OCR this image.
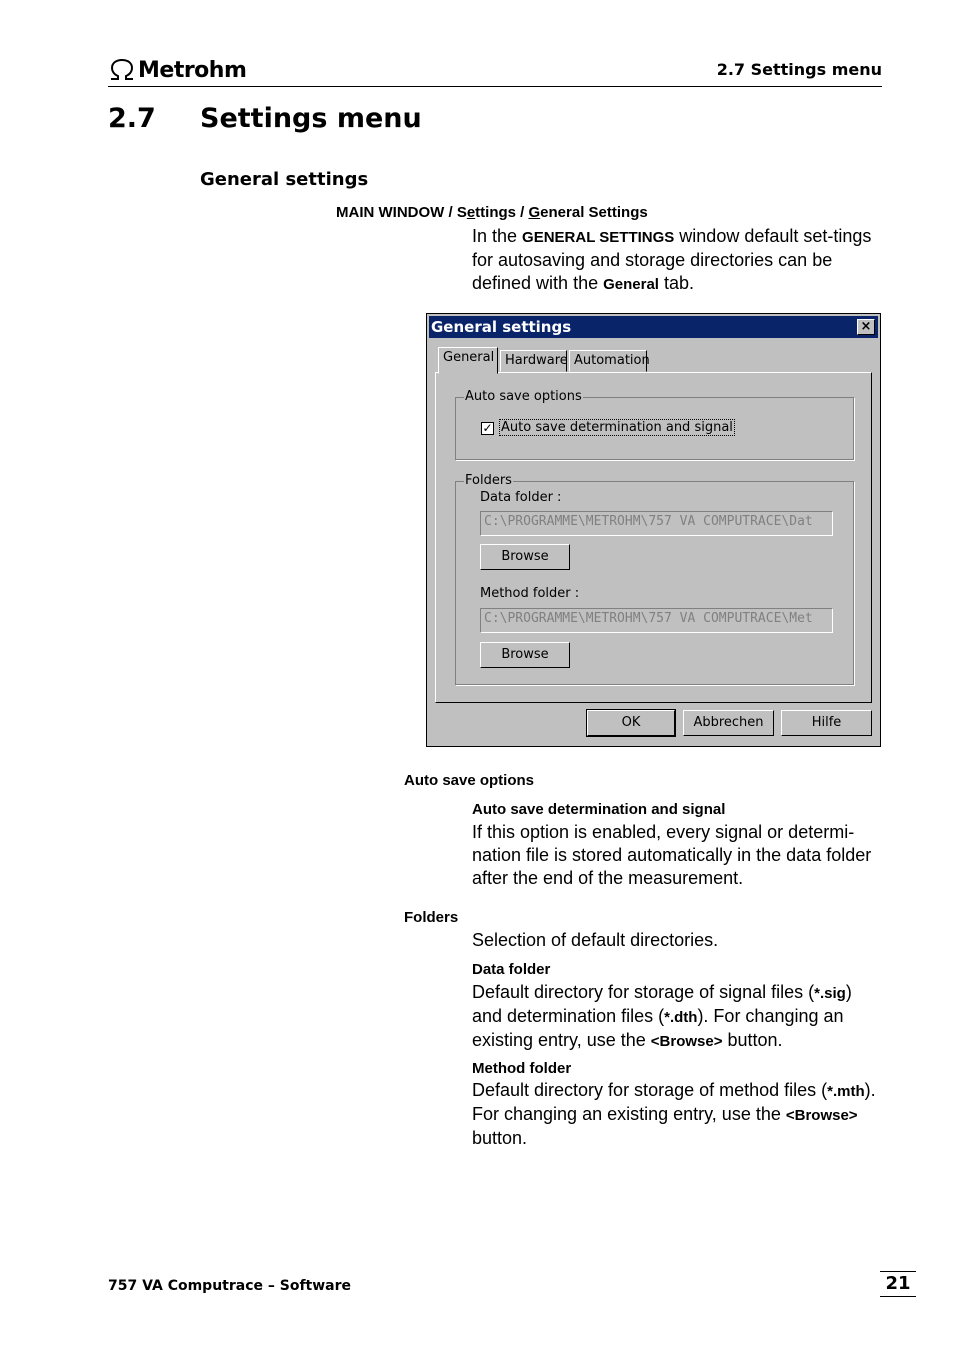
Metrohm	2.7 Settings menu
2.7 Settings menu
General settings
MAIN WINDOW / Settings / General Settings
In the GENERAL SETTINGS window default set-tings for autosaving and storage directories can be defined with the General tab.
General settings	×
General Hardware Automation
Auto save options
✓ Auto save determination and signal
Folders
Data folder :
C:\PROGRAMME\METROHM\757 VA COMPUTRACE\Dat
Browse
Method folder :
C:\PROGRAMME\METROHM\757 VA COMPUTRACE\Met
Browse
OK	Abbrechen	Hilfe
Auto save options
Auto save determination and signal
If this option is enabled, every signal or determi-nation file is stored automatically in the data folder after the end of the measurement.
Folders
Selection of default directories.
Data folder
Default directory for storage of signal files (*.sig) and determination files (*.dth). For changing an existing entry, use the <Browse> button.
Method folder
Default directory for storage of method files (*.mth). For changing an existing entry, use the <Browse> button.
757 VA Computrace – Software	21
